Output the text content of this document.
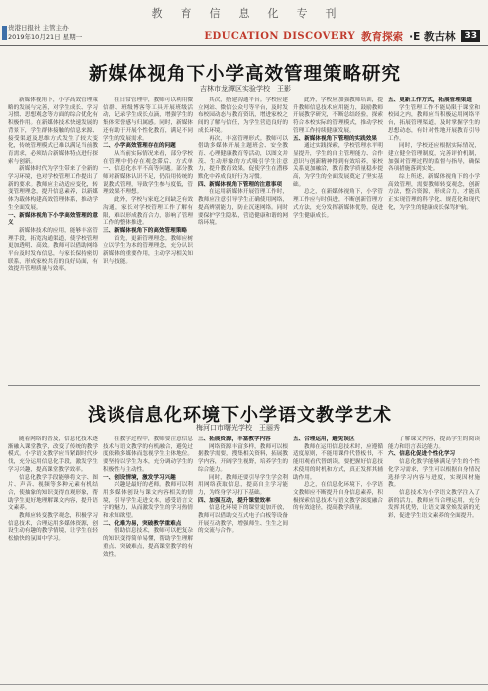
教 育 信 息 化 专 刊
贵港日报社 主管主办
2019年10月21日 星期一	EDUCATION DISCOVERY 教育探索 ·E 教古林	33
新媒体视角下小学高效管理策略研究
吉林市龙潭区实验学校　王影

新媒体视角下，小学高效管理策略的发展与完善，对学生成长、学习习惯、思想观念等方面的综合优化有积极作用。在新媒体技术快速发展的背景下，学生群体接触的信息来源、接受渠道及思维方式发生了较大变化，传统管理模式已难以满足当前教育需求，必须结合新媒体特点进行探索与创新。

新媒体时代为学生带来了全新的学习环境，也对学校管理工作提出了新的要求。教师应主动适应变化，转变管理理念，提升信息素养，以新媒体为载体构建高效管理体系，推动学生全面发展。

一、新媒体视角下小学高效管理的意义

新媒体技术的应用，能够丰富管理手段，拓宽沟通渠道，使学校管理更加透明、高效。教师可以借助网络平台及时发布信息，与家长保持密切联系，形成家校共育的良好局面，有效提升管理质量与效率。

在日常管理中，教师可以利用微信群、班级博客等工具开展班级活动，记录学生成长点滴，增强学生的集体荣誉感与归属感。同时，新媒体还有助于开展个性化教育，满足不同学生的发展需求。

二、小学高效管理存在的问题

从当前实际情况来看，部分学校在管理中仍存在观念滞后、方式单一、信息化水平不高等问题。部分教师对新媒体认识不足，仍沿用传统的说教式管理，导致学生参与度低，管理效果不理想。

此外，学校与家庭之间缺乏有效沟通，家长对学校管理工作了解有限，难以形成教育合力，影响了管理工作的整体推进。

三、新媒体视角下的高效管理策略

首先，更新管理理念。教师应树立以学生为本的管理理念，充分认识新媒体的重要作用，主动学习相关知识与技能。

其次，搭建沟通平台。学校应建立网站、微信公众号等平台，及时发布校园动态与教育资讯，增进家校之间的了解与信任，为学生营造良好的成长环境。

再次，丰富管理形式。教师可以借助多媒体开展主题班会、安全教育、心理健康教育等活动，以图文并茂、生动形象的方式吸引学生注意力，提升教育效果，促使学生在潜移默化中养成良好行为习惯。

四、新媒体视角下管理的注意事项

在运用新媒体开展管理工作时，教师应注意引导学生正确使用网络，提高辨别能力，防止沉迷网络。同时要保护学生隐私，营造健康和谐的网络环境。

此外，学校应加强教师培训，提升教师信息技术应用能力，鼓励教师开展教学研究，不断总结经验，探索符合本校实际的管理模式，推动学校管理工作持续健康发展。

五、新媒体视角下管理的实践效果

通过实践探索，学校管理水平明显提升，学生的自主管理能力、合作意识与创新精神得到有效培养，家校关系更加融洽，教育教学质量稳步提高，为学生的全面发展奠定了坚实基础。

总之，在新媒体视角下，小学管理工作应与时俱进，不断创新管理方式方法，充分发挥新媒体优势，促进学生健康成长。

五、更新工作方式，拓展管理渠道

学生管理工作不能局限于课堂和校园之内，教师应当积极运用网络平台，拓展管理渠道，及时掌握学生的思想动态，有针对性地开展教育引导工作。

同时，学校还应根据实际情况，建立健全管理制度，完善评价机制，加强对管理过程的监督与指导，确保各项措施落到实处。

综上所述，新媒体视角下的小学高效管理，需要教师转变观念，创新方法，整合资源，形成合力，才能真正实现管理的科学化、规范化和现代化，为学生的健康成长保驾护航。

浅谈信息化环境下小学语文教学艺术
梅河口市曙光学校　王丽秀

随着网络的普及，信息化技术逐渐融入课堂教学，改变了传统的教学模式。小学语文教学应当紧跟时代步伐，充分运用信息化手段，激发学生学习兴趣，提高课堂教学效率。

信息化教学手段能够将文字、图片、声音、视频等多种元素有机结合，使抽象的知识变得直观形象，帮助学生更好地理解课文内容，提升语文素养。

教师应转变教学观念，积极学习信息技术，合理运用多媒体资源，创设生动有趣的教学情境，让学生在轻松愉快的氛围中学习。

在教学过程中，教师要注意信息技术与语文教学的有机融合，避免过度依赖多媒体而忽视学生主体地位。要坚持以学生为本，充分调动学生的积极性与主动性。

一、创设情境，激发学习兴趣

兴趣是最好的老师。教师可以利用多媒体创设与课文内容相关的情境，引导学生走进文本，感受语言文字的魅力，从而激发学生的学习热情和求知欲望。

二、化难为易，突破教学重难点

借助信息技术，教师可以把复杂的知识变得简单易懂，帮助学生理解重点、突破难点，提高课堂教学的有效性。

三、拓展资源，丰富教学内容

网络资源丰富多样，教师可以根据教学需要，搜集相关资料，拓展教学内容，开阔学生视野，培养学生的综合能力。

同时，教师还要引导学生学会利用网络获取信息，提高自主学习能力，为终身学习打下基础。

四、加强互动，提升课堂效率

信息化环境下的课堂更加开放，教师可以借助交互式电子白板等设备开展互动教学，增强师生、生生之间的交流与合作。

五、合理运用，避免误区

教师在运用信息技术时，应遵循适度原则，不能用课件代替板书，不能用观看代替朗读，要把握好信息技术使用的时机和方式，真正发挥其辅助作用。

总之，在信息化环境下，小学语文教师应不断提升自身信息素养，积极探索信息技术与语文教学深度融合的有效途径，提高教学质量。

了解课文内容，提高学生的阅读能力和语言表达能力。

六、信息化促进个性化学习

信息化教学能够满足学生的个性化学习需求，学生可以根据自身情况选择学习内容与进度，实现因材施教。

信息技术为小学语文教学注入了新的活力，教师应当合理运用，充分发挥其优势，让语文课堂焕发新的光彩，促进学生语文素养的全面提升。
